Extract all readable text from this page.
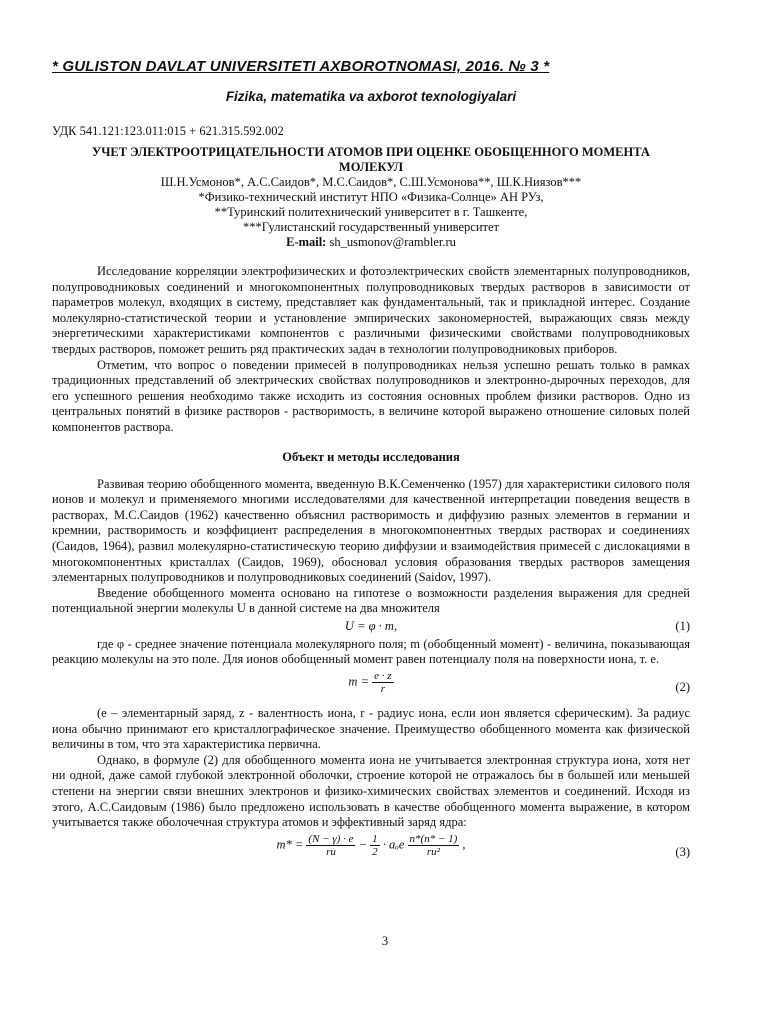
* GULISTON DAVLAT UNIVERSITETI AXBOROTNOMASI, 2016. № 3 *
Fizika, matematika va axborot texnologiyalari
УДК 541.121:123.011:015 + 621.315.592.002
УЧЕТ ЭЛЕКТРООТРИЦАТЕЛЬНОСТИ АТОМОВ ПРИ ОЦЕНКЕ ОБОБЩЕННОГО МОМЕНТА МОЛЕКУЛ
Ш.Н.Усмонов*, А.С.Саидов*, М.С.Саидов*, С.Ш.Усмонова**, Ш.К.Ниязов***
*Физико-технический институт НПО «Физика-Солнце» АН РУз,
**Туринский политехнический университет в г. Ташкенте,
***Гулистанский государственный университет
E-mail: sh_usmonov@rambler.ru

Исследование корреляции электрофизических и фотоэлектрических свойств элементарных полупроводников, полупроводниковых соединений и многокомпонентных полупроводниковых твердых растворов в зависимости от параметров молекул, входящих в систему, представляет как фундаментальный, так и прикладной интерес. Создание молекулярно-статистической теории и установление эмпирических закономерностей, выражающих связь между энергетическими характеристиками компонентов с различными физическими свойствами полупроводниковых твердых растворов, поможет решить ряд практических задач в технологии полупроводниковых приборов.

Отметим, что вопрос о поведении примесей в полупроводниках нельзя успешно решать только в рамках традиционных представлений об электрических свойствах полупроводников и электронно-дырочных переходов, для его успешного решения необходимо также исходить из состояния основных проблем физики растворов. Одно из центральных понятий в физике растворов - растворимость, в величине которой выражено отношение силовых полей компонентов раствора.

Объект и методы исследования

Развивая теорию обобщенного момента, введенную В.К.Семенченко (1957) для характеристики силового поля ионов и молекул и применяемого многими исследователями для качественной интерпретации поведения веществ в растворах, М.С.Саидов (1962) качественно объяснил растворимость и диффузию разных элементов в германии и кремнии, растворимость и коэффициент распределения в многокомпонентных твердых растворах и соединениях (Саидов, 1964), развил молекулярно-статистическую теорию диффузии и взаимодействия примесей с дислокациями в многокомпонентных кристаллах (Саидов, 1969), обосновал условия образования твердых растворов замещения элементарных полупроводников и полупроводниковых соединений (Saidov, 1997).

Введение обобщенного момента основано на гипотезе о возможности разделения выражения для средней потенциальной энергии молекулы U в данной системе на два множителя

U = φ · m,	(1)

где φ - среднее значение потенциала молекулярного поля; m (обобщенный момент) - величина, показывающая реакцию молекулы на это поле. Для ионов обобщенный момент равен потенциалу поля на поверхности иона, т. е.

$m = \frac{e \cdot z}{r}$	(2)

(e – элементарный заряд, z - валентность иона, r - радиус иона, если ион является сферическим). За радиус иона обычно принимают его кристаллографическое значение. Преимущество обобщенного момента как физической величины в том, что эта характеристика первична.

Однако, в формуле (2) для обобщенного момента иона не учитывается электронная структура иона, хотя нет ни одной, даже самой глубокой электронной оболочки, строение которой не отражалось бы в большей или меньшей степени на энергии связи внешних электронов и физико-химических свойствах элементов и соединений. Исходя из этого, А.С.Саидовым (1986) было предложено использовать в качестве обобщенного момента выражение, в котором учитывается также оболочечная структура атомов и эффективный заряд ядра:

$m* = \frac{(N - \gamma) \cdot e}{rи} - \frac{1}{2} \cdot a_oe \frac{n*(n* - 1)}{\text{rи²}}$ ,
(3)
3
